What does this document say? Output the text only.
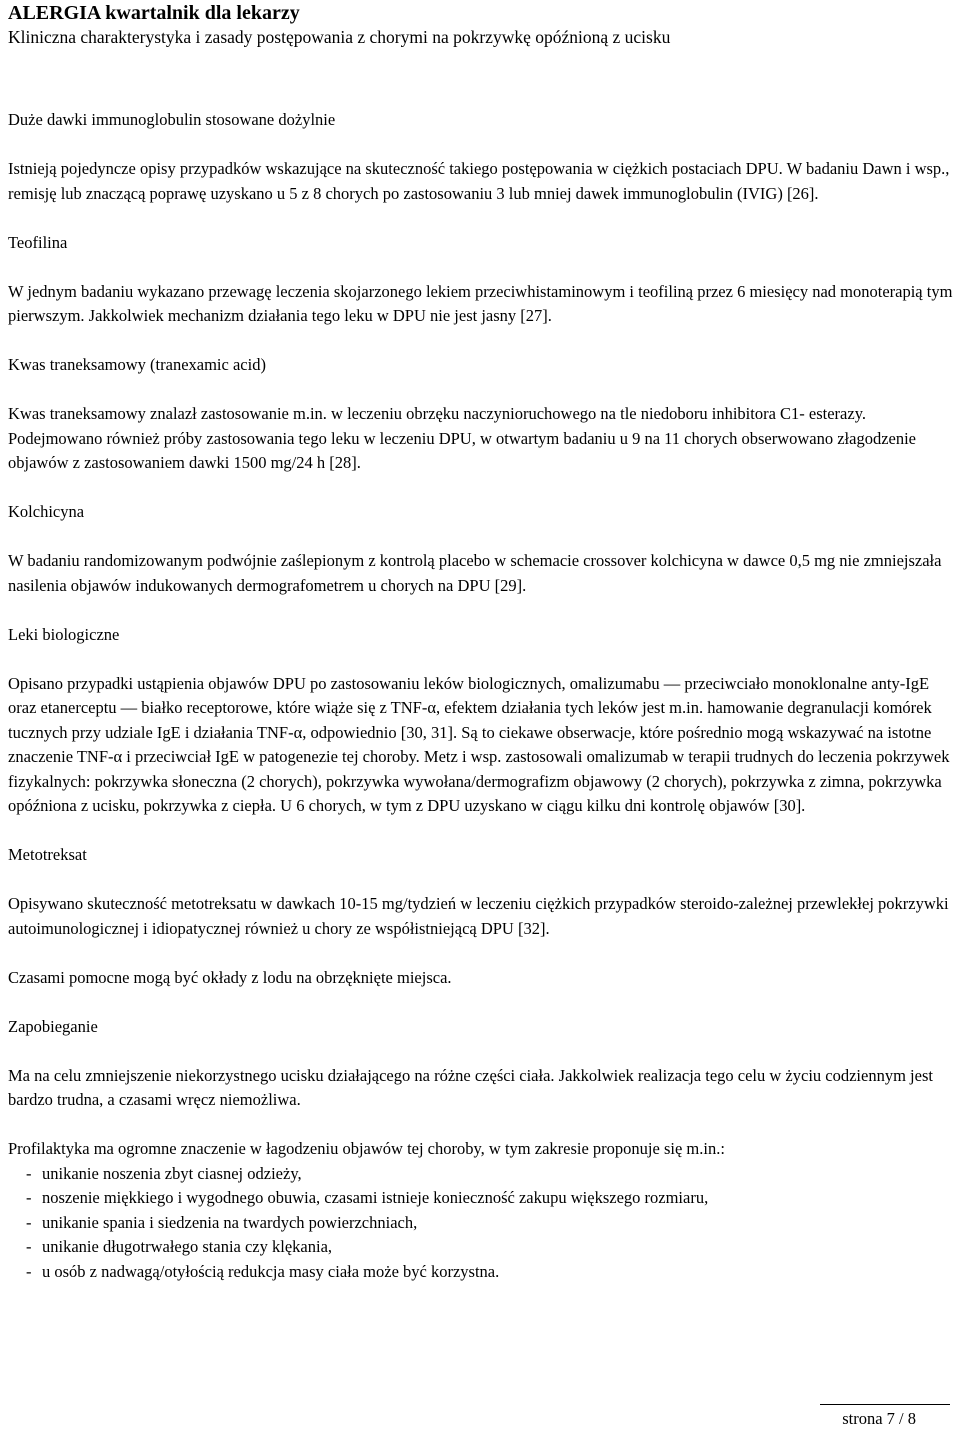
ALERGIA kwartalnik dla lekarzy

Kliniczna charakterystyka i zasady postępowania z chorymi na pokrzywkę opóźnioną z ucisku

Duże dawki immunoglobulin stosowane dożylnie

Istnieją pojedyncze opisy przypadków wskazujące na skuteczność takiego postępowania w ciężkich postaciach DPU. W badaniu Dawn i wsp., remisję lub znaczącą poprawę uzyskano u 5 z 8 chorych po zastosowaniu 3 lub mniej dawek immunoglobulin (IVIG) [26].

Teofilina

W jednym badaniu wykazano przewagę leczenia skojarzonego lekiem przeciwhistaminowym i teofiliną przez 6 miesięcy nad monoterapią tym pierwszym. Jakkolwiek mechanizm działania tego leku w DPU nie jest jasny [27].

Kwas traneksamowy (tranexamic acid)

Kwas traneksamowy znalazł zastosowanie m.in. w leczeniu obrzęku naczynioruchowego na tle niedoboru inhibitora C1- esterazy. Podejmowano również próby zastosowania tego leku w leczeniu DPU, w otwartym badaniu u 9 na 11 chorych obserwowano złagodzenie objawów z zastosowaniem dawki 1500 mg/24 h [28].

Kolchicyna

W badaniu randomizowanym podwójnie zaślepionym z kontrolą placebo w schemacie crossover kolchicyna w dawce 0,5 mg nie zmniejszała nasilenia objawów indukowanych dermografometrem u chorych na DPU [29].

Leki biologiczne

Opisano przypadki ustąpienia objawów DPU po zastosowaniu leków biologicznych, omalizumabu — przeciwciało monoklonalne anty-IgE oraz etanerceptu — białko receptorowe, które wiąże się z TNF-α, efektem działania tych leków jest m.in. hamowanie degranulacji komórek tucznych przy udziale IgE i działania TNF-α, odpowiednio [30, 31]. Są to ciekawe obserwacje, które pośrednio mogą wskazywać na istotne znaczenie TNF-α i przeciwciał IgE w patogenezie tej choroby. Metz i wsp. zastosowali omalizumab w terapii trudnych do leczenia pokrzywek fizykalnych: pokrzywka słoneczna (2 chorych), pokrzywka wywołana/dermografizm objawowy (2 chorych), pokrzywka z zimna, pokrzywka opóźniona z ucisku, pokrzywka z ciepła. U 6 chorych, w tym z DPU uzyskano w ciągu kilku dni kontrolę objawów [30].

Metotreksat

Opisywano skuteczność metotreksatu w dawkach 10-15 mg/tydzień w leczeniu ciężkich przypadków steroido-zależnej przewlekłej pokrzywki autoimunologicznej i idiopatycznej również u chory ze współistniejącą DPU [32].

Czasami pomocne mogą być okłady z lodu na obrzęknięte miejsca.

Zapobieganie

Ma na celu zmniejszenie niekorzystnego ucisku działającego na różne części ciała. Jakkolwiek realizacja tego celu w życiu codziennym jest bardzo trudna, a czasami wręcz niemożliwa.

Profilaktyka ma ogromne znaczenie w łagodzeniu objawów tej choroby, w tym zakresie proponuje się m.in.:

- unikanie noszenia zbyt ciasnej odzieży,
- noszenie miękkiego i wygodnego obuwia, czasami istnieje konieczność zakupu większego rozmiaru,
- unikanie spania i siedzenia na twardych powierzchniach,
- unikanie długotrwałego stania czy klękania,
- u osób z nadwagą/otyłością redukcja masy ciała może być korzystna.
strona 7 / 8
